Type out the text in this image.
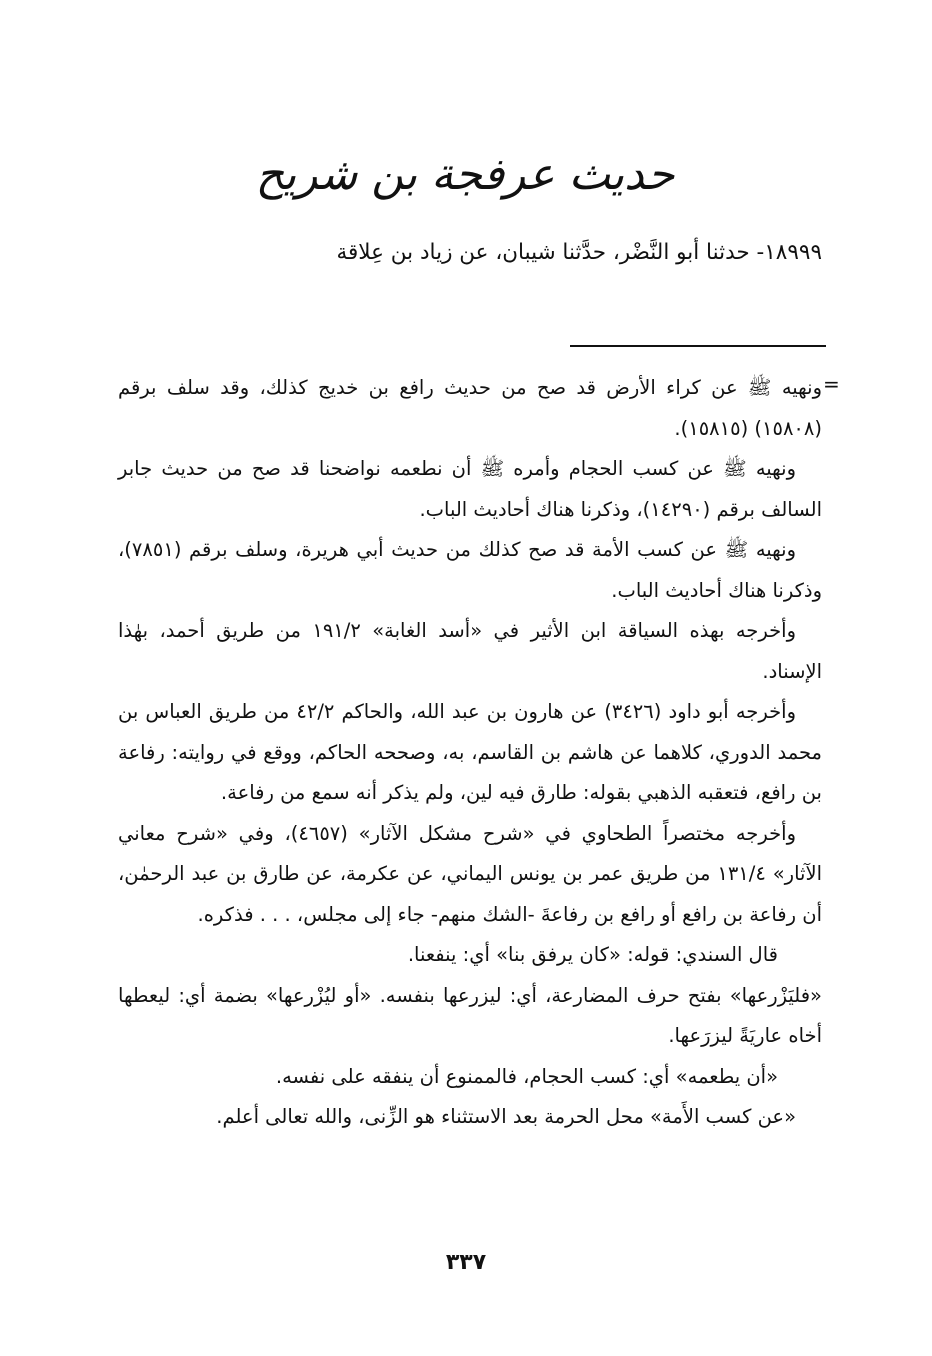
حديث عرفجة بن شريح
١٨٩٩٩- حدثنا أبو النَّضْر، حدَّثنا شيبان، عن زياد بن عِلاقة
=

ونهيه ﷺ عن كراء الأرض قد صح من حديث رافع بن خديج كذلك، وقد سلف برقم (١٥٨٠٨) (١٥٨١٥).

ونهيه ﷺ عن كسب الحجام وأمره ﷺ أن نطعمه نواضحنا قد صح من حديث جابر السالف برقم (١٤٢٩٠)، وذكرنا هناك أحاديث الباب.

ونهيه ﷺ عن كسب الأمة قد صح كذلك من حديث أبي هريرة، وسلف برقم (٧٨٥١)، وذكرنا هناك أحاديث الباب.

وأخرجه بهذه السياقة ابن الأثير في «أسد الغابة» ١٩١/٢ من طريق أحمد، بهٰذا الإسناد.

وأخرجه أبو داود (٣٤٢٦) عن هارون بن عبد الله، والحاكم ٤٢/٢ من طريق العباس بن محمد الدوري، كلاهما عن هاشم بن القاسم، به، وصححه الحاكم، ووقع في روايته: رفاعة بن رافع، فتعقبه الذهبي بقوله: طارق فيه لين، ولم يذكر أنه سمع من رفاعة.

وأخرجه مختصراً الطحاوي في «شرح مشكل الآثار» (٤٦٥٧)، وفي «شرح معاني الآثار» ١٣١/٤ من طريق عمر بن يونس اليماني، عن عكرمة، عن طارق بن عبد الرحمٰن، أن رفاعة بن رافع أو رافع بن رفاعةَ -الشك منهم- جاء إلى مجلس، . . . فذكره.

قال السندي: قوله: «كان يرفق بنا» أي: ينفعنا.

«فليَزْرعها» بفتح حرف المضارعة، أي: ليزرعها بنفسه. «أو ليُزْرعها» بضمة أي: ليعطها أخاه عاريَةً ليزرَعها.

«أن يطعمه» أي: كسب الحجام، فالممنوع أن ينفقه على نفسه.

«عن كسب الأَمة» محل الحرمة بعد الاستثناء هو الزِّنى، والله تعالى أعلم.

٣٣٧
